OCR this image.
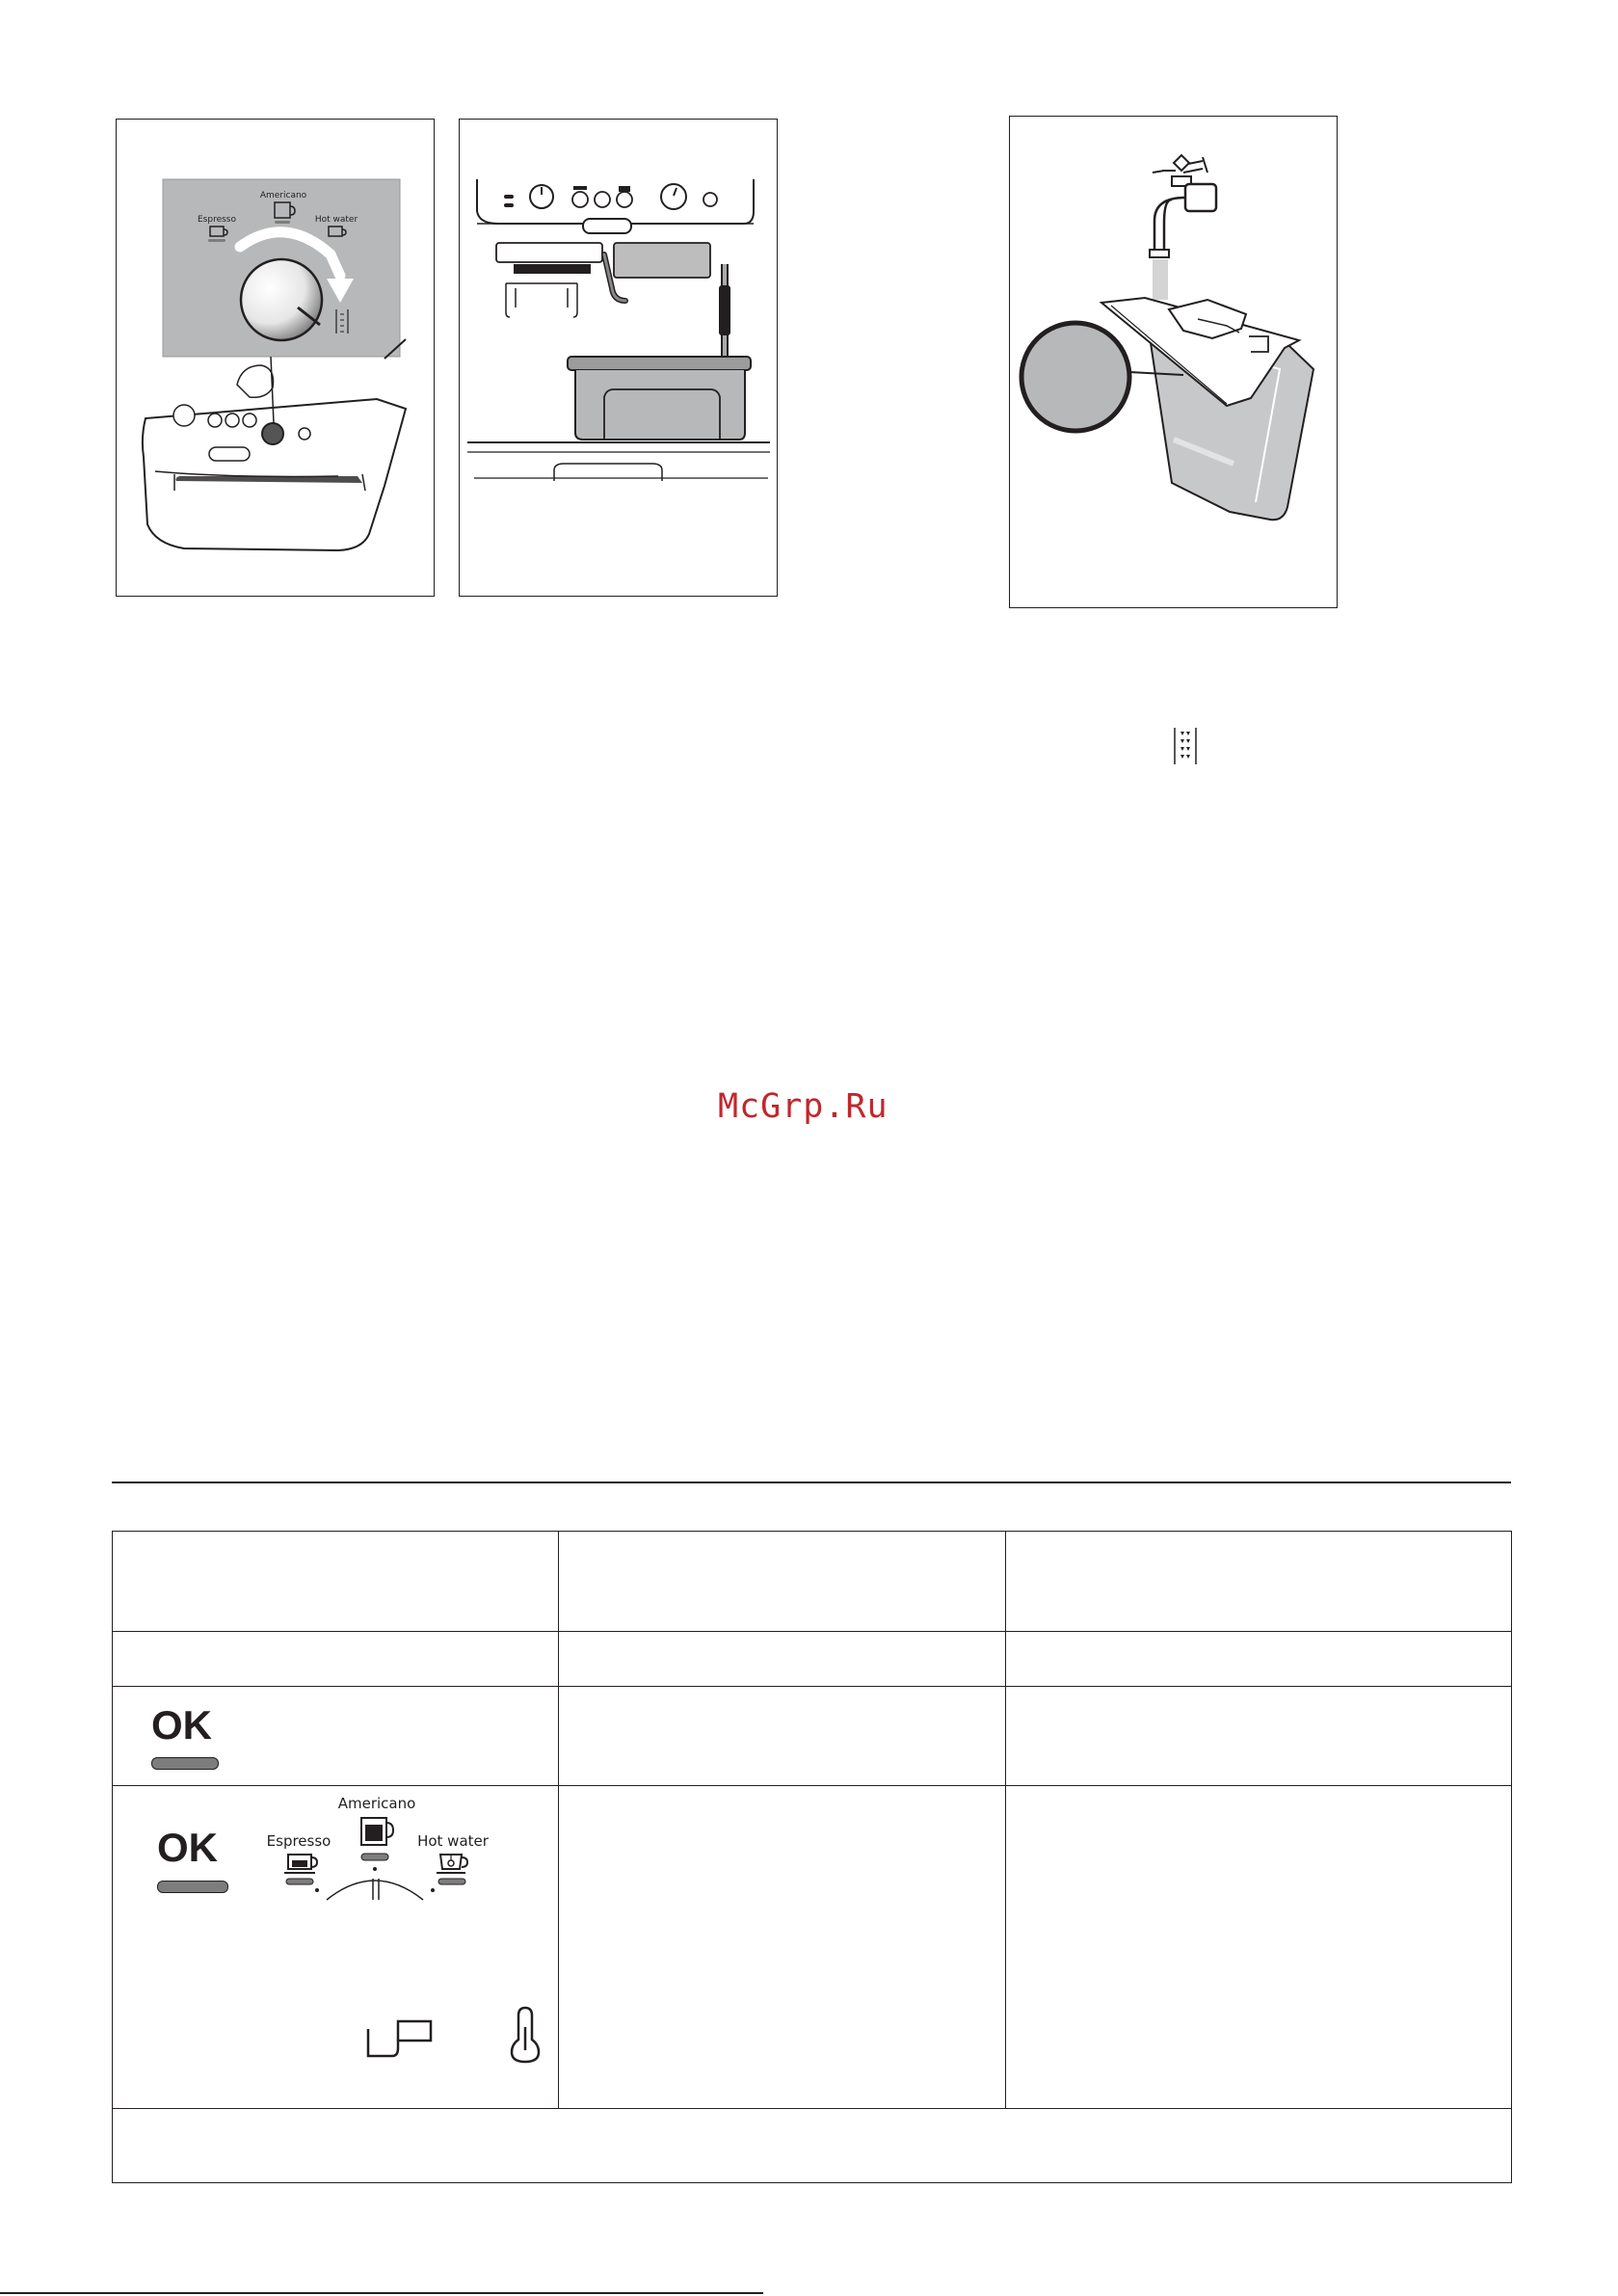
Americano
Espresso	Hot water
McGrp.Ru

OK		

OK
Americano
Espresso Hot water		
